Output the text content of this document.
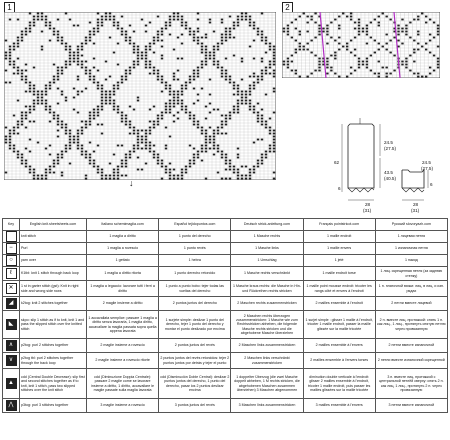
1	2
↓
24.5
(27.5)
62
43.5
(40.5)
6
28
(31)
24.5
(27.5)
6
28
(31)
Key	English knit.sheetsheets.com	Italiano schemimaglia.com	Español tejidopuntos.com	Deutsch strick-anleitung.com	Français pointstricot.com	Русский slovoryazh.com

	knit stitch	1 maglia a diritto	1 punto del derecho	1 Masche rechts	1 maille endroit	1 лицевая петля

−	Purl	1 maglia a rovescio	1 punto revés	1 Masche links	1 maille envers	1 изнаночная петля

○	yarn over	1 gettato	1 hebra	1 Umschlag	1 jeté	1 накид

ℓ	K1tbl: knit 1 stitch through back loop	1 maglia a diritto ritorta	1 punto derecho retorcido	1 Masche rechts verschränkt	1 maille endroit torse	1 лиц. скрещенная петля (за заднюю стенку)

✕	1 st in garter stitch (gst): Knit in right side and wrong side rows	1 maglia a legaccio: lavorare tutti i ferri a diritto	1 punto a punto bobo: tejer todas las vueltas del derecho	1 Masche kraus rechts: die Masche in Hin- und Rückreihen rechts stricken	1 maille point mousse endroit: tricoter les rangs côté et envers à l'endroit	1 п. платочной вязки: лиц. в лиц. и изн. рядах

◢	k2tog: knit 2 stitches together	2 maglie insieme a diritto	2 puntos juntos del derecho	2 Maschen rechts zusammenstricken	2 mailles ensemble à l'endroit	2 петли вместе лицевой

◣	skpo: slip 1 stitch as if to knit, knit 1 and pass the slipped stitch over the knitted stitch	1 accavallata semplice: passare 1 maglia a diritto senza lavorarla, 1 maglia diritto, accavallare la maglia passata sopra quella appena lavorata	1 surjete simple: deslizar 1 punto del derecho, tejer 1 punto del derecho y montar el punto deslizado por encima	2 Maschen rechts überzogen zusammenstricken: 1 Masche wie zum Rechtsstricken abheben, die folgende Masche rechts stricken und die abgehobene Masche überziehen	1 surjet simple : glisser 1 maille à l'endroit, tricoter 1 maille endroit, passer la maille glissée sur la maille tricotée	2 п. вместе лиц. протяжкой: снять 1 п. как лиц., 1 лиц., протянуть снятую петлю через провязанную

∧	p2tog: purl 2 stitches together	2 maglie insieme a rovescio	2 puntos juntos del revés	2 Maschen links zusammenstricken	2 mailles ensemble à l'envers	2 петли вместе изнаночной

∨	p2tog tbl: purl 2 stitches together through the back loop	2 maglie insieme a rovescio ritorte	2 puntos juntos del revés retorcidos: tejer 2 puntos juntos por detrás y tejer el punto	2 Maschen links verschränkt zusammenstricken	2 mailles ensemble à l'envers torses	2 петли вместе изнаночной скрещенной

▲	cdd (Central Double Decrease): slip first and second stitches together as if to knit, knit 1 stitch, pass two slipped stitches over the knit stitch	cdd (Diminuzione Doppia Centrale): passare 2 maglie come se lavorare insieme a diritto, 1 diritto, accavallare le maglie passate sulla maglia lavorata	cdd (Disminución Doble Central): deslizar 2 puntos juntos del derecho, 1 punto del derecho, pasar los 2 puntos deslizar encima	1 doppelter Überzug (die zwei Masche doppelt abheben, 1 M rechts stricken, die abgehobenen Maschen zusammen überziehen) 3 Maschen abgenommen	diminution double verticale à l'endroit: glisser 2 mailles ensemble à l'endroit, tricoter 1 maille endroit, puis passer les mailles glissées sur la maille tricotée	3 п. вместе лиц. протяжкой с центральной петлёй сверху: снять 2 п. как лиц. 1 лиц., протянуть 2 п. через провязанную

⋀	p3tog: purl 3 stitches together	3 maglie insieme a rovescio	3 puntos juntos del revés	3 Maschen links zusammenstricken	3 mailles ensemble à l'envers	3 петли вместе изнаночной
